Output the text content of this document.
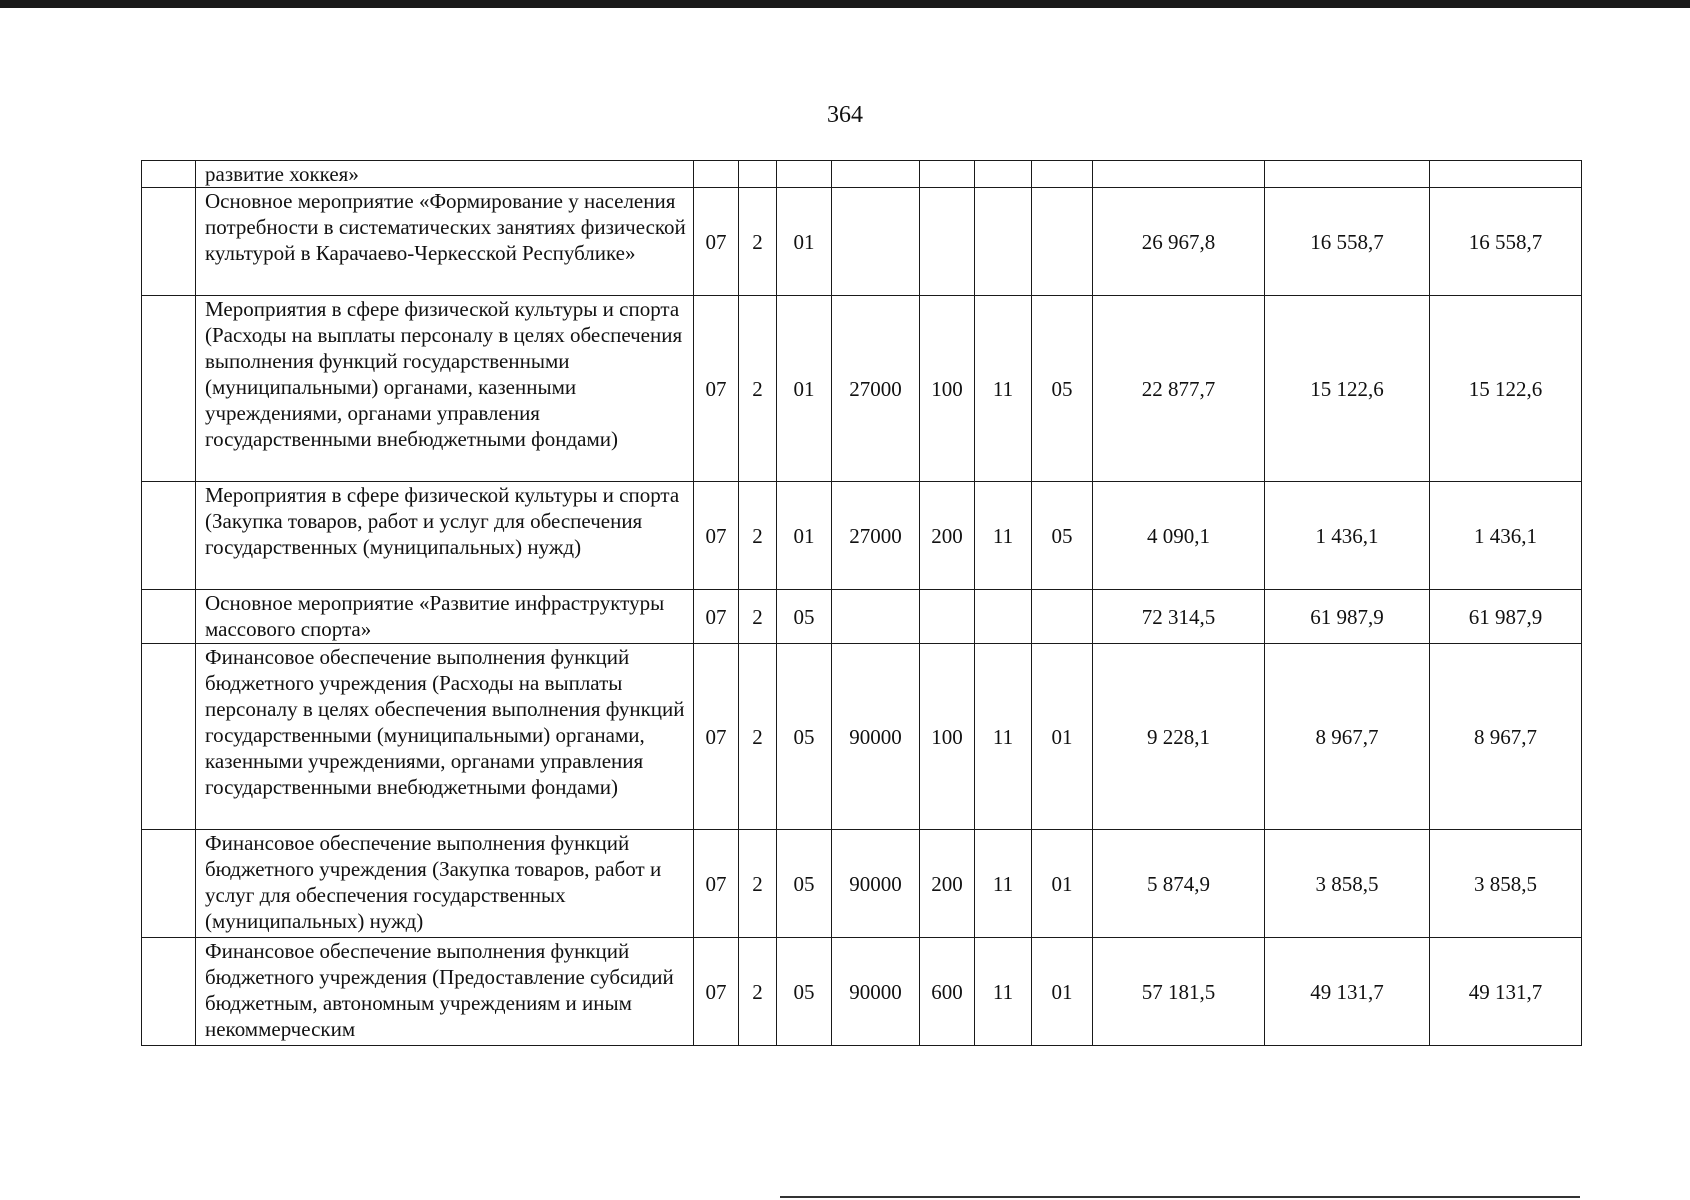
364
	развитие хоккея»										
	Основное мероприятие «Формирование у населения потребности в систематических занятиях физической культурой в Карачаево-Черкесской Республике»	07	2	01					26 967,8	16 558,7	16 558,7
	Мероприятия в сфере физической культуры и спорта (Расходы на выплаты персоналу в целях обеспечения выполнения функций государственными (муниципальными) органами, казенными учреждениями, органами управления государственными внебюджетными фондами)	07	2	01	27000	100	11	05	22 877,7	15 122,6	15 122,6
	Мероприятия в сфере физической культуры и спорта (Закупка товаров, работ и услуг для обеспечения государственных (муниципальных) нужд)	07	2	01	27000	200	11	05	4 090,1	1 436,1	1 436,1
	Основное мероприятие «Развитие инфраструктуры массового спорта»	07	2	05					72 314,5	61 987,9	61 987,9
	Финансовое обеспечение выполнения функций бюджетного учреждения (Расходы на выплаты персоналу в целях обеспечения выполнения функций государственными (муниципальными) органами, казенными учреждениями, органами управления государственными внебюджетными фондами)	07	2	05	90000	100	11	01	9 228,1	8 967,7	8 967,7
	Финансовое обеспечение выполнения функций бюджетного учреждения (Закупка товаров, работ и услуг для обеспечения государственных (муниципальных) нужд)	07	2	05	90000	200	11	01	5 874,9	3 858,5	3 858,5
	Финансовое обеспечение выполнения функций бюджетного учреждения (Предоставление субсидий бюджетным, автономным учреждениям и иным некоммерческим	07	2	05	90000	600	11	01	57 181,5	49 131,7	49 131,7
